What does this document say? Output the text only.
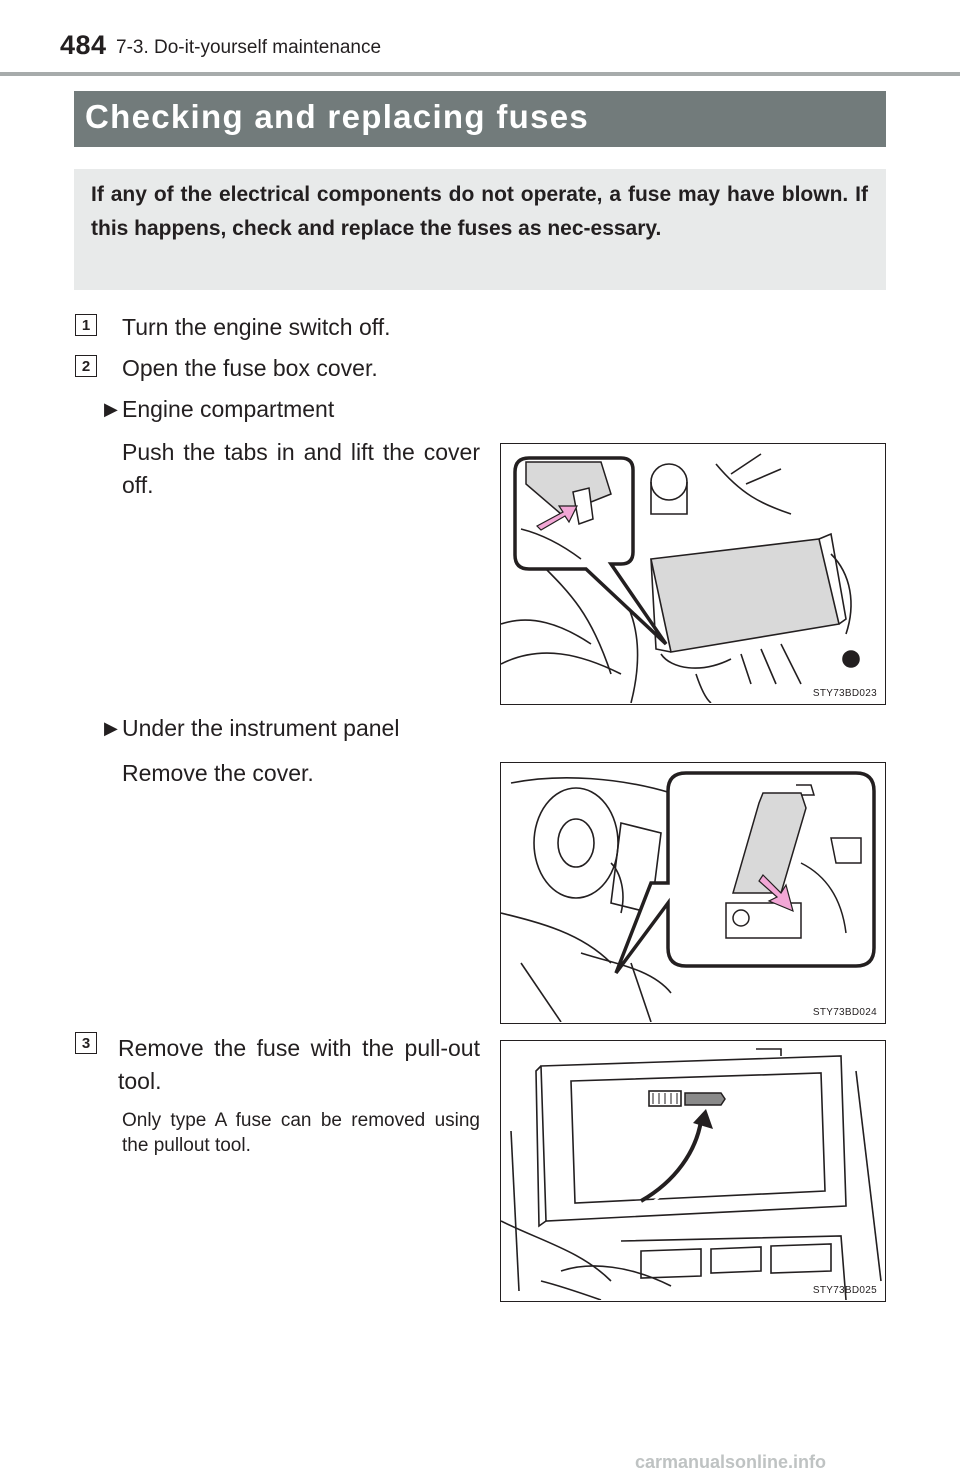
484 7-3. Do-it-yourself maintenance
Checking and replacing fuses
If any of the electrical components do not operate, a fuse may have blown. If this happens, check and replace the fuses as nec-essary.
1 Turn the engine switch off.
2 Open the fuse box cover.
▶ Engine compartment
Push the tabs in and lift the cover off.
STY73BD023
▶ Under the instrument panel
Remove the cover.
STY73BD024
3 Remove the fuse with the pull-out tool.
Only type A fuse can be removed using the pullout tool.
STY73BD025
carmanualsonline.info
